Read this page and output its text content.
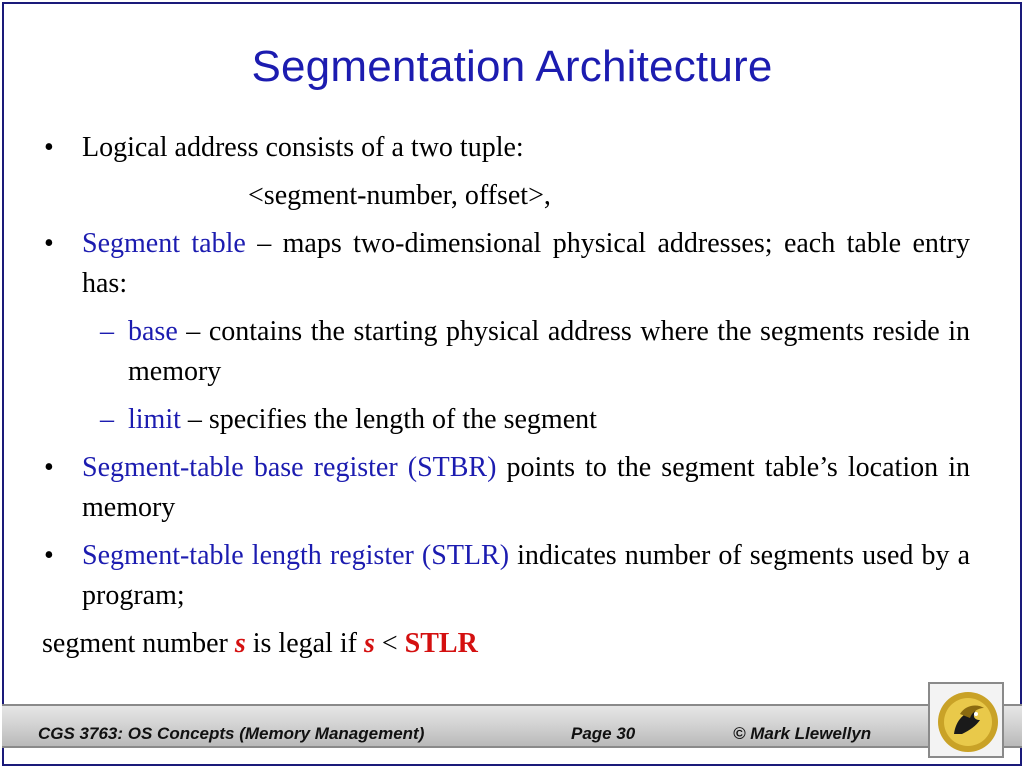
Segmentation Architecture
• Logical address consists of a two tuple:
<segment-number, offset>,
• Segment table – maps two-dimensional physical addresses; each table entry has:
– base – contains the starting physical address where the segments reside in memory
– limit – specifies the length of the segment
• Segment-table base register (STBR) points to the segment table’s location in memory
• Segment-table length register (STLR) indicates number of segments used by a program;
segment number s is legal if s < STLR
CGS 3763: OS Concepts (Memory Management)	Page 30	© Mark Llewellyn
